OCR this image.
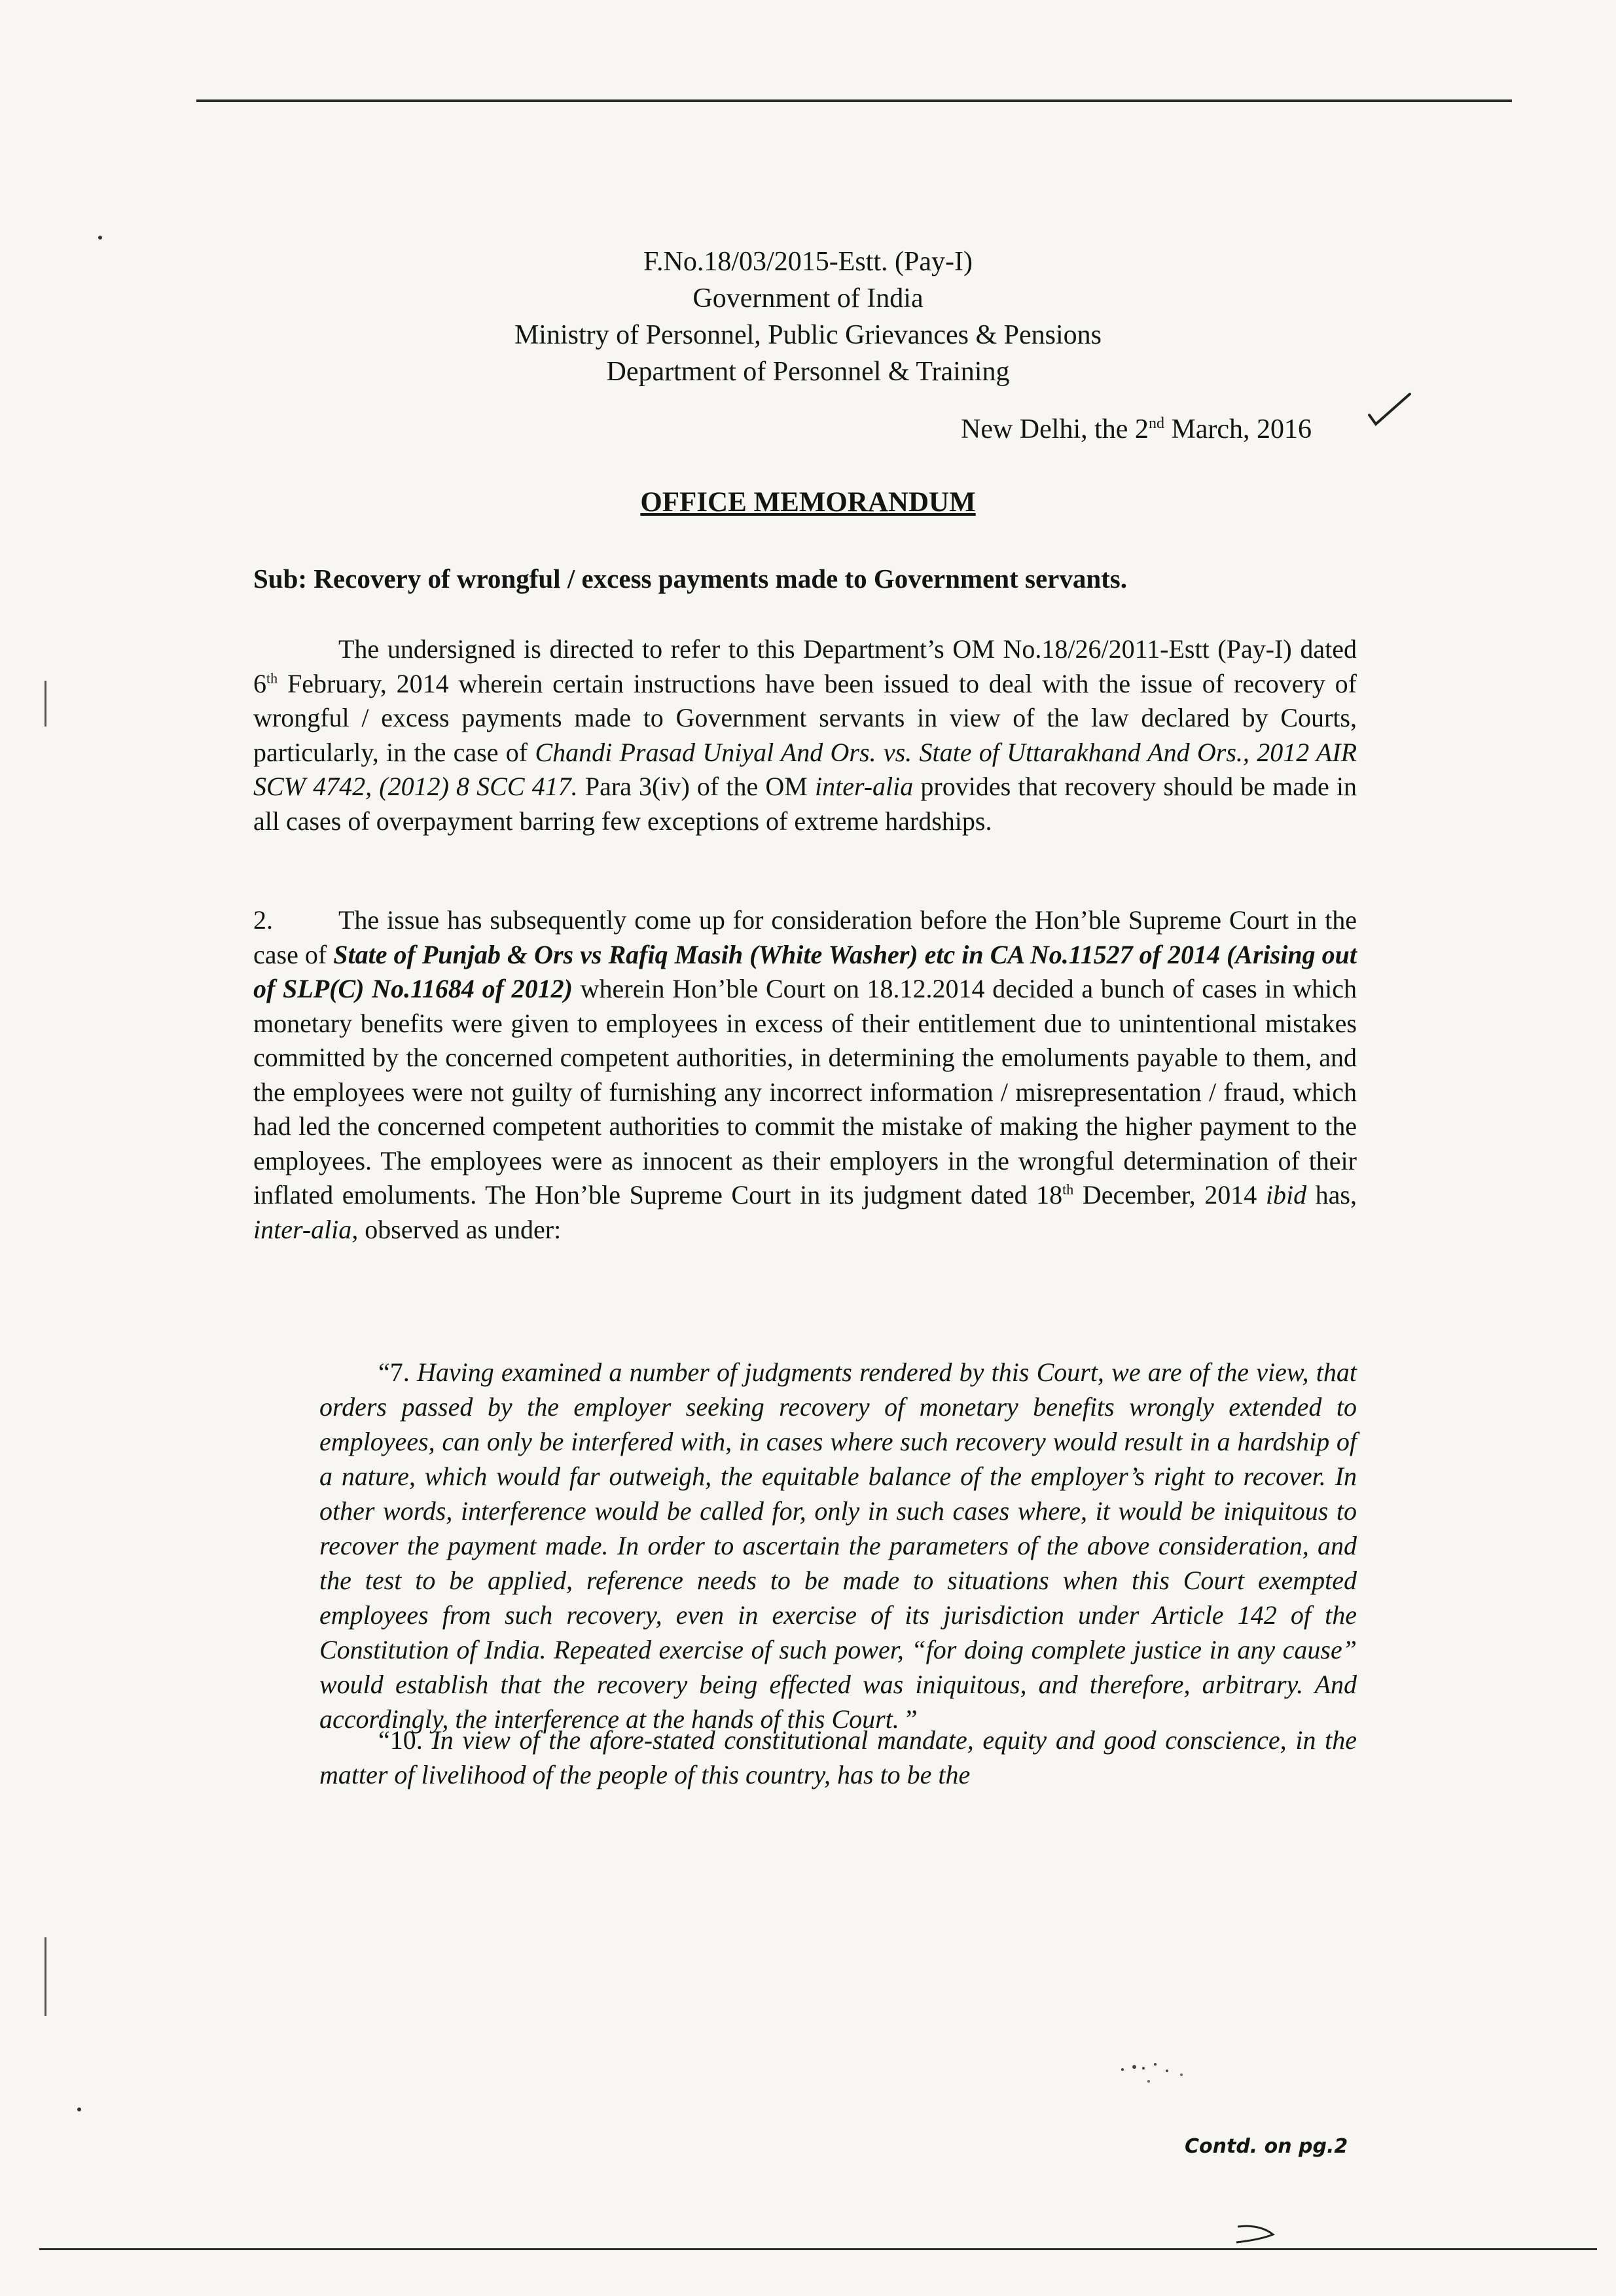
F.No.18/03/2015-Estt. (Pay-I)
Government of India
Ministry of Personnel, Public Grievances & Pensions
Department of Personnel & Training
New Delhi, the 2nd March, 2016
OFFICE MEMORANDUM
Sub: Recovery of wrongful / excess payments made to Government servants.
The undersigned is directed to refer to this Department’s OM No.18/26/2011-Estt (Pay-I) dated 6th February, 2014 wherein certain instructions have been issued to deal with the issue of recovery of wrongful / excess payments made to Government servants in view of the law declared by Courts, particularly, in the case of Chandi Prasad Uniyal And Ors. vs. State of Uttarakhand And Ors., 2012 AIR SCW 4742, (2012) 8 SCC 417. Para 3(iv) of the OM inter-alia provides that recovery should be made in all cases of overpayment barring few exceptions of extreme hardships.
2.	The issue has subsequently come up for consideration before the Hon’ble Supreme Court in the case of State of Punjab & Ors vs Rafiq Masih (White Washer) etc in CA No.11527 of 2014 (Arising out of SLP(C) No.11684 of 2012) wherein Hon’ble Court on 18.12.2014 decided a bunch of cases in which monetary benefits were given to employees in excess of their entitlement due to unintentional mistakes committed by the concerned competent authorities, in determining the emoluments payable to them, and the employees were not guilty of furnishing any incorrect information / misrepresentation / fraud, which had led the concerned competent authorities to commit the mistake of making the higher payment to the employees. The employees were as innocent as their employers in the wrongful determination of their inflated emoluments. The Hon’ble Supreme Court in its judgment dated 18th December, 2014 ibid has, inter-alia, observed as under:
“7. Having examined a number of judgments rendered by this Court, we are of the view, that orders passed by the employer seeking recovery of monetary benefits wrongly extended to employees, can only be interfered with, in cases where such recovery would result in a hardship of a nature, which would far outweigh, the equitable balance of the employer’s right to recover. In other words, interference would be called for, only in such cases where, it would be iniquitous to recover the payment made. In order to ascertain the parameters of the above consideration, and the test to be applied, reference needs to be made to situations when this Court exempted employees from such recovery, even in exercise of its jurisdiction under Article 142 of the Constitution of India. Repeated exercise of such power, “for doing complete justice in any cause” would establish that the recovery being effected was iniquitous, and therefore, arbitrary. And accordingly, the interference at the hands of this Court. ”
“10. In view of the afore-stated constitutional mandate, equity and good conscience, in the matter of livelihood of the people of this country, has to be the
Contd. on pg.2
